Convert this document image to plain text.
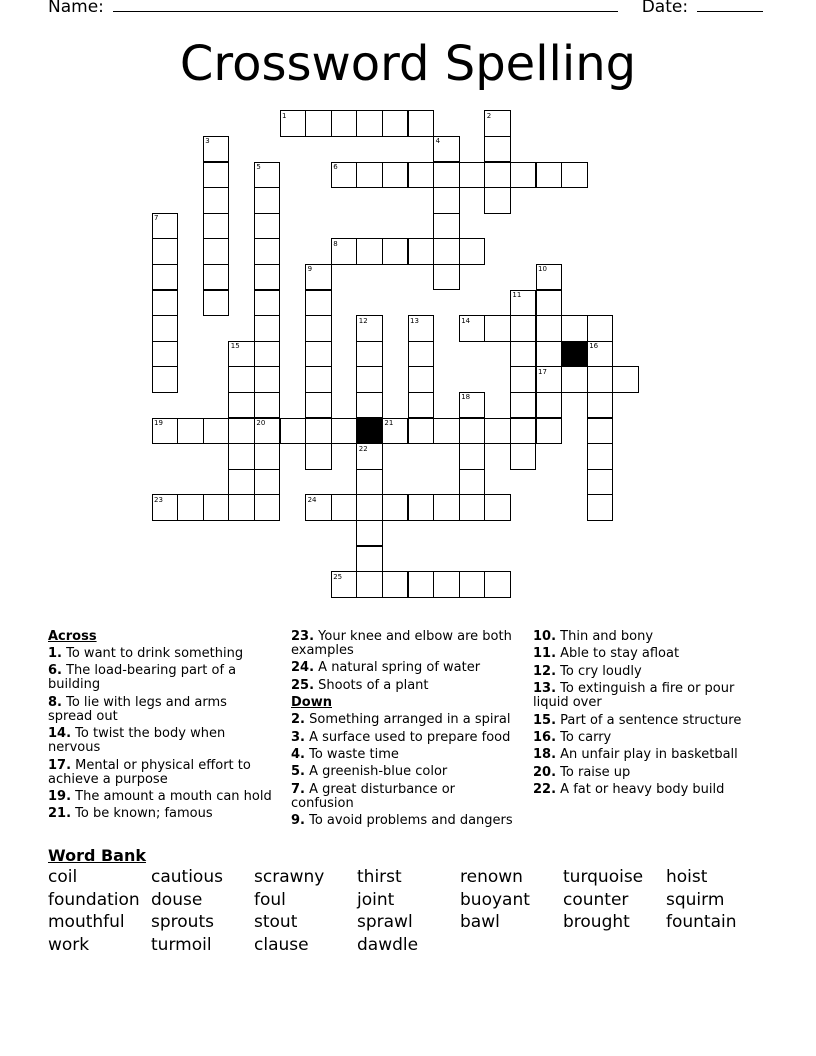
Name:	Date:
Crossword Spelling
1	2
3	4
5	6
7
8
9	10
11
12	13	14
15	16
17
18
19	20	21
22
23	24
25
Across
1. To want to drink something
6. The load-bearing part of a building
8. To lie with legs and arms spread out
14. To twist the body when nervous
17. Mental or physical effort to achieve a purpose
19. The amount a mouth can hold
21. To be known; famous
23. Your knee and elbow are both examples
24. A natural spring of water
25. Shoots of a plant
Down
2. Something arranged in a spiral
3. A surface used to prepare food
4. To waste time
5. A greenish-blue color
7. A great disturbance or confusion
9. To avoid problems and dangers
10. Thin and bony
11. Able to stay afloat
12. To cry loudly
13. To extinguish a fire or pour liquid over
15. Part of a sentence structure
16. To carry
18. An unfair play in basketball
20. To raise up
22. A fat or heavy body build
Word Bank
coil	cautious scrawny thirst	renown turquoise hoist
foundation douse	foul	joint	buoyant counter squirm
mouthful sprouts stout	sprawl	bawl	brought fountain
work	turmoil clause	dawdle
